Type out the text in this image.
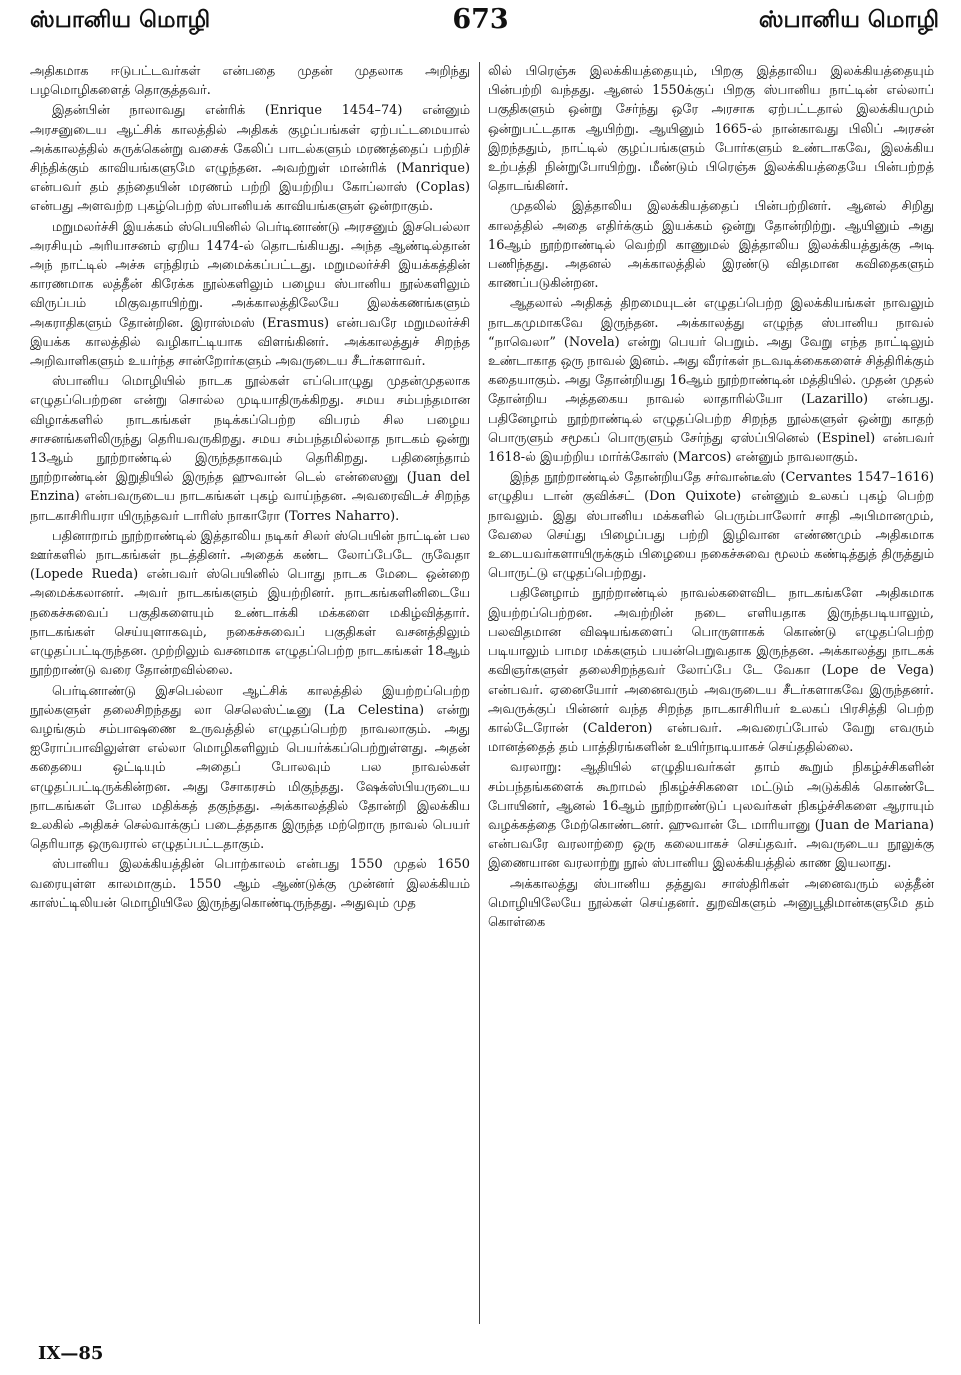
ஸ்பானிய மொழி	673	ஸ்பானிய மொழி

அதிகமாக ஈடுபட்டவர்கள் என்பதை முதன் முதலாக அறிந்து பழமொழிகளைத் தொகுத்தவர்.

இதன்பின் நாலாவது என்ரிக் (Enrique 1454–74) என்னும் அரசனுடைய ஆட்சிக் காலத்தில் அதிகக் குழப்பங்கள் ஏற்பட்டமையால் அக்காலத்தில் சுருக்கென்று வசைக் கேலிப் பாடல்களும் மரணத்தைப் பற்றிச் சிந்திக்கும் காவியங்களுமே எழுந்தன. அவற்றுள் மான்ரிக் (Manrique) என்பவர் தம் தந்தையின் மரணம் பற்றி இயற்றிய கோப்லாஸ் (Coplas) என்பது அளவற்ற புகழ்பெற்ற ஸ்பானியக் காவியங்களுள் ஒன்றாகும்.

மறுமலர்ச்சி இயக்கம் ஸ்பெயினில் பெர்டினாண்டு அரசனும் இசபெல்லா அரசியும் அரியாசனம் ஏறிய 1474-ல் தொடங்கியது. அந்த ஆண்டில்தான் அந் நாட்டில் அச்சு எந்திரம் அமைக்கப்பட்டது. மறுமலர்ச்சி இயக்கத்தின் காரணமாக லத்தீன் கிரேக்க நூல்களிலும் பழைய ஸ்பானிய நூல்களிலும் விருப்பம் மிகுவதாயிற்று. அக்காலத்திலேயே இலக்கணங்களும் அகராதிகளும் தோன்றின. இராஸ்மஸ் (Erasmus) என்பவரே மறுமலர்ச்சி இயக்க காலத்தில் வழிகாட்டியாக விளங்கினர். அக்காலத்துச் சிறந்த அறிவாளிகளும் உயர்ந்த சான்றோர்களும் அவருடைய சீடர்களாவர்.

ஸ்பானிய மொழியில் நாடக நூல்கள் எப்பொழுது முதன்முதலாக எழுதப்பெற்றன என்று சொல்ல முடியாதிருக்கிறது. சமய சம்பந்தமான விழாக்களில் நாடகங்கள் நடிக்கப்பெற்ற விபரம் சில பழைய சாசனங்களிலிருந்து தெரியவருகிறது. சமய சம்பந்தமில்லாத நாடகம் ஒன்று 13ஆம் நூற்றாண்டில் இருந்ததாகவும் தெரிகிறது. பதினைந்தாம் நூற்றாண்டின் இறுதியில் இருந்த ஹுவான் டெல் என்ஸைனு (Juan del Enzina) என்பவருடைய நாடகங்கள் புகழ் வாய்ந்தன. அவரைவிடச் சிறந்த நாடகாசிரியரா யிருந்தவர் டாரிஸ் நாகாரோ (Torres Naharro).

பதினாறாம் நூற்றாண்டில் இத்தாலிய நடிகர் சிலர் ஸ்பெயின் நாட்டின் பல ஊர்களில் நாடகங்கள் நடத்தினர். அதைக் கண்ட லோப்பேடே ருவேதா (Lopede Rueda) என்பவர் ஸ்பெயினில் பொது நாடக மேடை ஒன்றை அமைக்கலானர். அவர் நாடகங்களும் இயற்றினர். நாடகங்களினிடையே நகைச்சுவைப் பகுதிகளையும் உண்டாக்கி மக்களை மகிழ்வித்தார். நாடகங்கள் செய்யுளாகவும், நகைச்சுவைப் பகுதிகள் வசனத்திலும் எழுதப்பட்டிருந்தன. முற்றிலும் வசனமாக எழுதப்பெற்ற நாடகங்கள் 18ஆம் நூற்றாண்டு வரை தோன்றவில்லை.

பெர்டினாண்டு இசபெல்லா ஆட்சிக் காலத்தில் இயற்றப்பெற்ற நூல்களுள் தலைசிறந்தது லா செலெஸ்ட்டீனு (La Celestina) என்று வழங்கும் சம்பாஷணை உருவத்தில் எழுதப்பெற்ற நாவலாகும். அது ஐரோப்பாவிலுள்ள எல்லா மொழிகளிலும் பெயர்க்கப்பெற்றுள்ளது. அதன் கதையை ஒட்டியும் அதைப் போலவும் பல நாவல்கள் எழுதப்பட்டிருக்கின்றன. அது சோகரசம் மிகுந்தது. ஷேக்ஸ்பியருடைய நாடகங்கள் போல மதிக்கத் தகுந்தது. அக்காலத்தில் தோன்றி இலக்கிய உலகில் அதிகச் செல்வாக்குப் படைத்ததாக இருந்த மற்றொரு நாவல் பெயர் தெரியாத ஒருவரால் எழுதப்பட்டதாகும்.

ஸ்பானிய இலக்கியத்தின் பொற்காலம் என்பது 1550 முதல் 1650 வரையுள்ள காலமாகும். 1550 ஆம் ஆண்டுக்கு முன்னர் இலக்கியம் காஸ்ட்டிலியன் மொழியிலே இருந்துகொண்டிருந்தது. அதுவும் முத

லில் பிரெஞ்சு இலக்கியத்தையும், பிறகு இத்தாலிய இலக்கியத்தையும் பின்பற்றி வந்தது. ஆனல் 1550க்குப் பிறகு ஸ்பானிய நாட்டின் எல்லாப் பகுதிகளும் ஒன்று சேர்ந்து ஒரே அரசாக ஏற்பட்டதால் இலக்கியமும் ஒன்றுபட்டதாக ஆயிற்று. ஆயினும் 1665-ல் நான்காவது பிலிப் அரசன் இறந்ததும், நாட்டில் குழப்பங்களும் போர்களும் உண்டாகவே, இலக்கிய உற்பத்தி நின்றுபோயிற்று. மீண்டும் பிரெஞ்சு இலக்கியத்தையே பின்பற்றத் தொடங்கினர்.

முதலில் இத்தாலிய இலக்கியத்தைப் பின்பற்றினர். ஆனல் சிறிது காலத்தில் அதை எதிர்க்கும் இயக்கம் ஒன்று தோன்றிற்று. ஆயினும் அது 16ஆம் நூற்றாண்டில் வெற்றி காணுமல் இத்தாலிய இலக்கியத்துக்கு அடி பணிந்தது. அதனல் அக்காலத்தில் இரண்டு விதமான கவிதைகளும் காணப்படுகின்றன.

ஆதலால் அதிகத் திறமையுடன் எழுதப்பெற்ற இலக்கியங்கள் நாவலும் நாடகமுமாகவே இருந்தன. அக்காலத்து எழுந்த ஸ்பானிய நாவல் “நாவெலா” (Novela) என்று பெயர் பெறும். அது வேறு எந்த நாட்டிலும் உண்டாகாத ஒரு நாவல் இனம். அது வீரர்கள் நடவடிக்கைகளைச் சித்திரிக்கும் கதையாகும். அது தோன்றியது 16ஆம் நூற்றாண்டின் மத்தியில். முதன் முதல் தோன்றிய அத்தகைய நாவல் லாதாரில்யோ (Lazarillo) என்பது. பதினேழாம் நூற்றாண்டில் எழுதப்பெற்ற சிறந்த நூல்களுள் ஒன்று காதற் பொருளும் சமூகப் பொருளும் சேர்ந்து ஏஸ்ப்பினெல் (Espinel) என்பவர் 1618-ல் இயற்றிய மார்க்கோஸ் (Marcos) என்னும் நாவலாகும்.

இந்த நூற்றாண்டில் தோன்றியதே சர்வான்டீஸ் (Cervantes 1547–1616) எழுதிய டான் குவிக்சட் (Don Quixote) என்னும் உலகப் புகழ் பெற்ற நாவலும். இது ஸ்பானிய மக்களில் பெரும்பாலோர் சாதி அபிமானமும், வேலை செய்து பிழைப்பது பற்றி இழிவான எண்ணமும் அதிகமாக உடையவர்களாயிருக்கும் பிழையை நகைச்சுவை மூலம் கண்டித்துத் திருத்தும் பொருட்டு எழுதப்பெற்றது.

பதினேழாம் நூற்றாண்டில் நாவல்களைவிட நாடகங்களே அதிகமாக இயற்றப்பெற்றன. அவற்றின் நடை எளியதாக இருந்தபடியாலும், பலவிதமான விஷயங்களைப் பொருளாகக் கொண்டு எழுதப்பெற்ற படியாலும் பாமர மக்களும் பயன்பெறுவதாக இருந்தன. அக்காலத்து நாடகக் கவிஞர்களுள் தலைசிறந்தவர் லோப்பே டே வேகா (Lope de Vega) என்பவர். ஏனையோர் அனைவரும் அவருடைய சீடர்களாகவே இருந்தனர். அவருக்குப் பின்னர் வந்த சிறந்த நாடகாசிரியர் உலகப் பிரசித்தி பெற்ற கால்டேரோன் (Calderon) என்பவர். அவரைப்போல் வேறு எவரும் மானத்தைத் தம் பாத்திரங்களின் உயிர்நாடியாகச் செய்ததில்லை.

வரலாறு: ஆதியில் எழுதியவர்கள் தாம் கூறும் நிகழ்ச்சிகளின் சம்பந்தங்களைக் கூறாமல் நிகழ்ச்சிகளை மட்டும் அடுக்கிக் கொண்டே போயினர், ஆனல் 16ஆம் நூற்றாண்டுப் புலவர்கள் நிகழ்ச்சிகளை ஆராயும் வழக்கத்தை மேற்கொண்டனர். ஹுவான் டே மாரியானு (Juan de Mariana) என்பவரே வரலாற்றை ஒரு கலையாகச் செய்தவர். அவருடைய நூலுக்கு இணையான வரலாற்று நூல் ஸ்பானிய இலக்கியத்தில் காண இயலாது.

அக்காலத்து ஸ்பானிய தத்துவ சாஸ்திரிகள் அனைவரும் லத்தீன் மொழியிலேயே நூல்கள் செய்தனர். துறவிகளும் அனுபூதிமான்களுமே தம் கொள்கை

IX—85
